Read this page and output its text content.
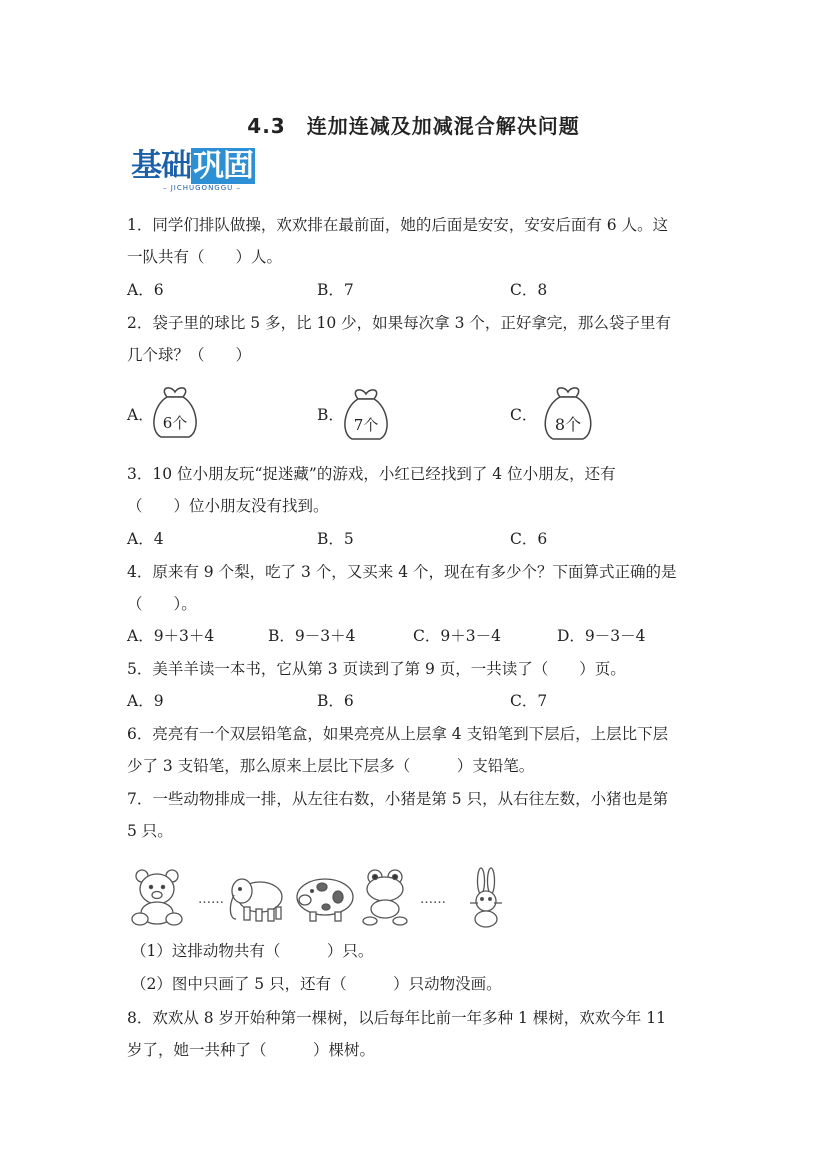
4.3　连加连减及加减混合解决问题
基础巩固
– JICHUGONGGU –
1．同学们排队做操，欢欢排在最前面，她的后面是安安，安安后面有 6 人。这
一队共有（　　）人。
A．6	B．7	C．8
2．袋子里的球比 5 多，比 10 少，如果每次拿 3 个，正好拿完，那么袋子里有
几个球？（　　）
A． 6个	B．
7个
C． 8个
3．10 位小朋友玩“捉迷藏”的游戏，小红已经找到了 4 位小朋友，还有
（　　）位小朋友没有找到。
A．4	B．5	C．6
4．原来有 9 个梨，吃了 3 个，又买来 4 个，现在有多少个？下面算式正确的是
（　　）。
A．9＋3＋4	B．9－3＋4	C．9＋3－4	D．9－3－4
5．美羊羊读一本书，它从第 3 页读到了第 9 页，一共读了（　　）页。
A．9	B．6	C．7
6．亮亮有一个双层铅笔盒，如果亮亮从上层拿 4 支铅笔到下层后，上层比下层
少了 3 支铅笔，那么原来上层比下层多（　　　）支铅笔。
7．一些动物排成一排，从左往右数，小猪是第 5 只，从右往左数，小猪也是第
5 只。
……	……
（1）这排动物共有（　　　）只。
（2）图中只画了 5 只，还有（　　　）只动物没画。
8．欢欢从 8 岁开始种第一棵树，以后每年比前一年多种 1 棵树，欢欢今年 11
岁了，她一共种了（　　　）棵树。
